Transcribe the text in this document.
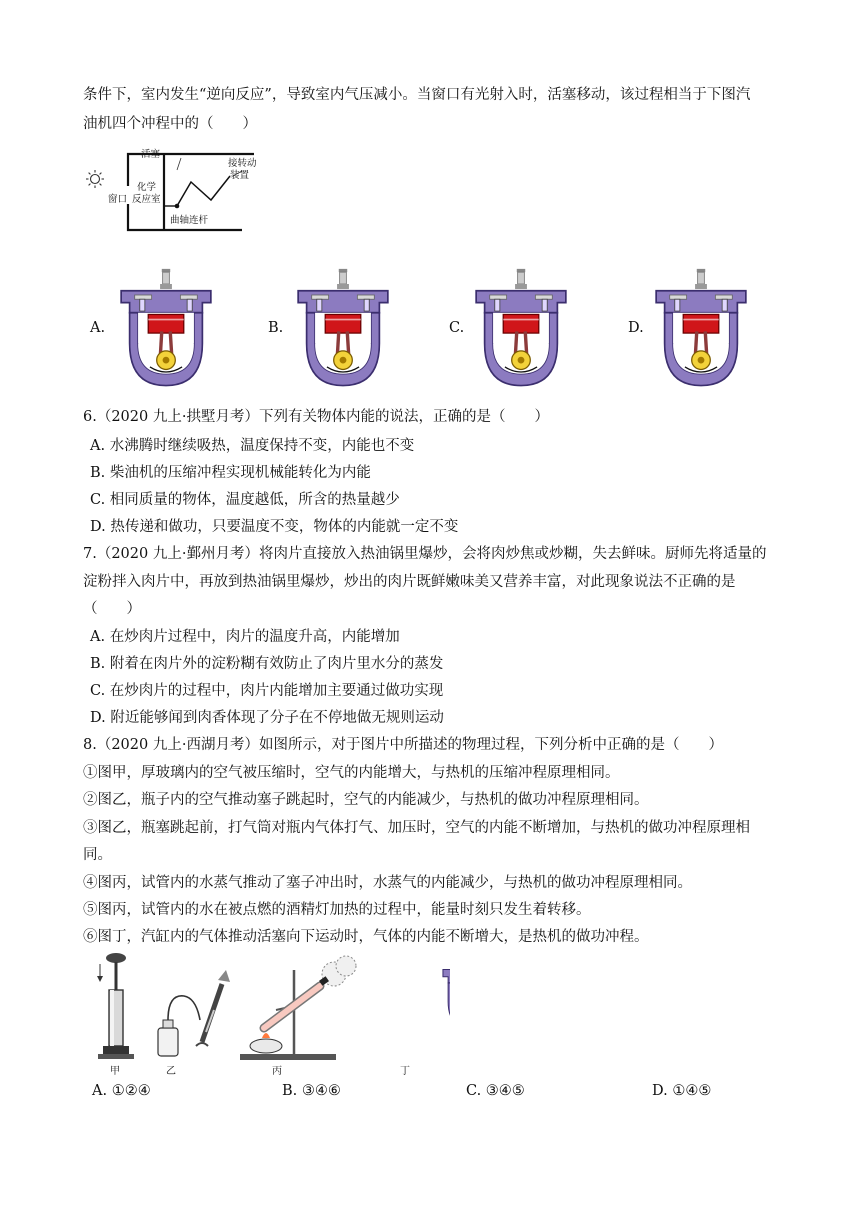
条件下，室内发生“逆向反应”，导致室内气压减小。当窗口有光射入时，活塞移动，该过程相当于下图汽
油机四个冲程中的（　　）
活塞
窗口
化学
反应室
曲轴连杆
接转动
装置
A.	B.	C.	D.
6.（2020 九上·拱墅月考）下列有关物体内能的说法，正确的是（　　）
A. 水沸腾时继续吸热，温度保持不变，内能也不变
B. 柴油机的压缩冲程实现机械能转化为内能
C. 相同质量的物体，温度越低，所含的热量越少
D. 热传递和做功，只要温度不变，物体的内能就一定不变
7.（2020 九上·鄞州月考）将肉片直接放入热油锅里爆炒，会将肉炒焦或炒糊，失去鲜味。厨师先将适量的
淀粉拌入肉片中，再放到热油锅里爆炒，炒出的肉片既鲜嫩味美又营养丰富，对此现象说法不正确的是
（　　）
A. 在炒肉片过程中，肉片的温度升高，内能增加
B. 附着在肉片外的淀粉糊有效防止了肉片里水分的蒸发
C. 在炒肉片的过程中，肉片内能增加主要通过做功实现
D. 附近能够闻到肉香体现了分子在不停地做无规则运动
8.（2020 九上·西湖月考）如图所示，对于图片中所描述的物理过程，下列分析中正确的是（　　）
①图甲，厚玻璃内的空气被压缩时，空气的内能增大，与热机的压缩冲程原理相同。
②图乙，瓶子内的空气推动塞子跳起时，空气的内能减少，与热机的做功冲程原理相同。
③图乙，瓶塞跳起前，打气筒对瓶内气体打气、加压时，空气的内能不断增加，与热机的做功冲程原理相
同。
④图丙，试管内的水蒸气推动了塞子冲出时，水蒸气的内能减少，与热机的做功冲程原理相同。
⑤图丙，试管内的水在被点燃的酒精灯加热的过程中，能量时刻只发生着转移。
⑥图丁，汽缸内的气体推动活塞向下运动时，气体的内能不断增大，是热机的做功冲程。
甲	乙	丙	丁
A. ①②④	B. ③④⑥	C. ③④⑤	D. ①④⑤
